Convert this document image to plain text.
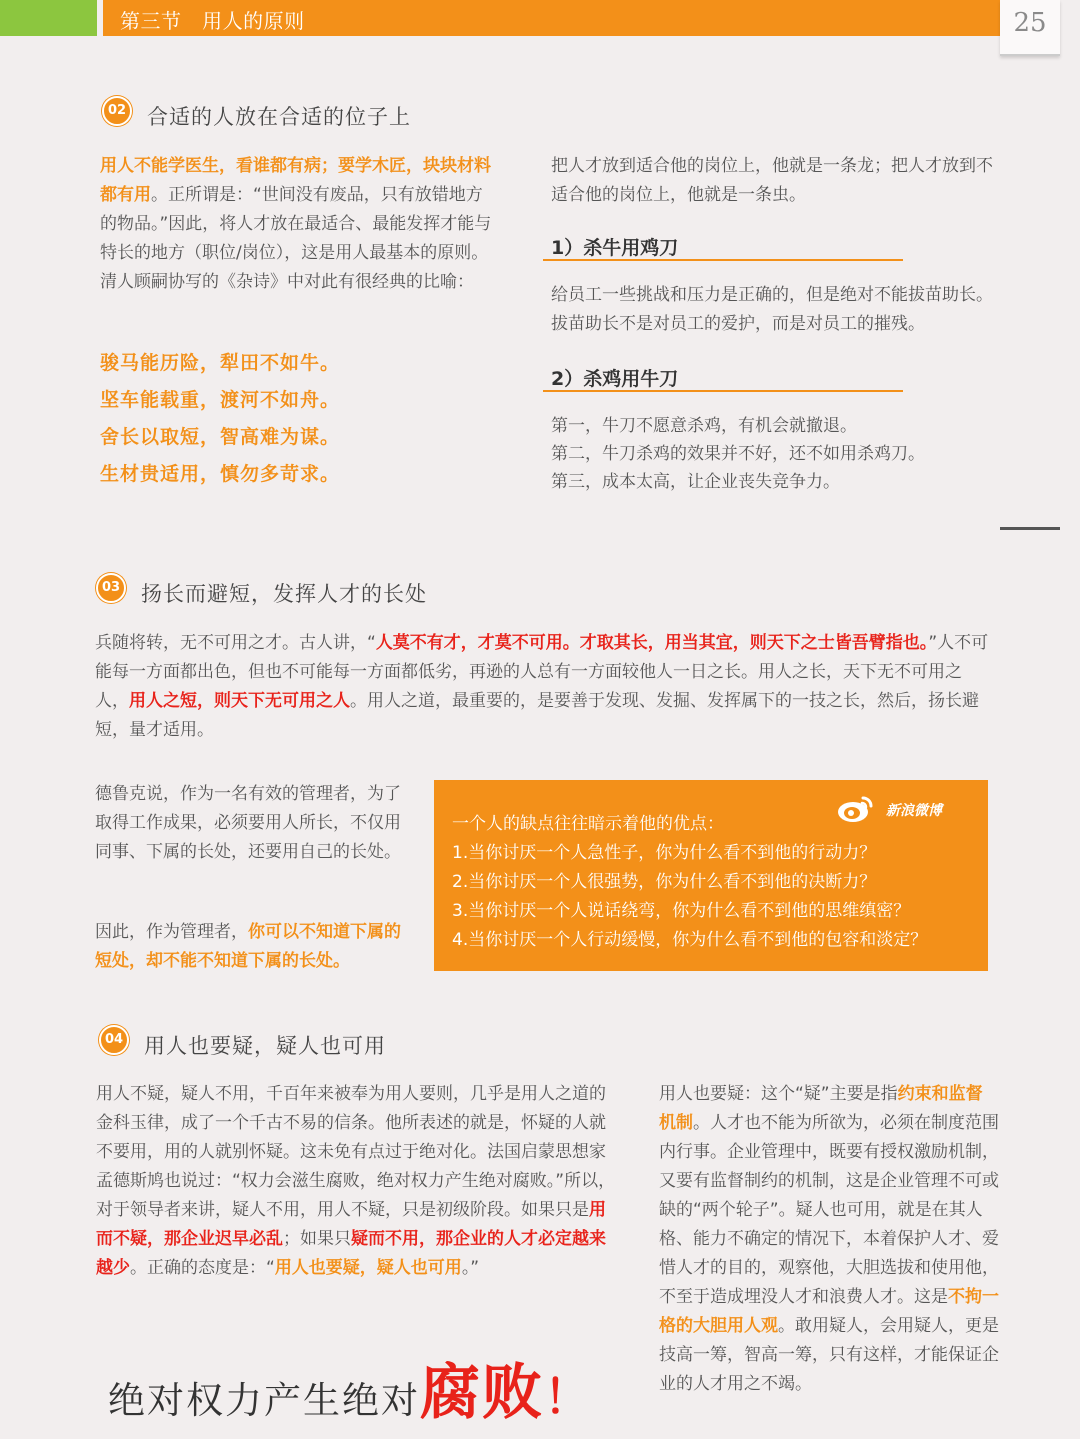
第三节 用人的原则	25
02 合适的人放在合适的位子上
用人不能学医生，看谁都有病；要学木匠，块块材料都有用。正所谓是：“世间没有废品，只有放错地方的物品。”因此，将人才放在最适合、最能发挥才能与特长的地方（职位/岗位），这是用人最基本的原则。清人顾嗣协写的《杂诗》中对此有很经典的比喻：
骏马能历险，犁田不如牛。
坚车能载重，渡河不如舟。
舍长以取短，智高难为谋。
生材贵适用，慎勿多苛求。
把人才放到适合他的岗位上，他就是一条龙；把人才放到不适合他的岗位上，他就是一条虫。
1）杀牛用鸡刀
给员工一些挑战和压力是正确的，但是绝对不能拔苗助长。拔苗助长不是对员工的爱护，而是对员工的摧残。
2）杀鸡用牛刀
第一，牛刀不愿意杀鸡，有机会就撤退。
第二，牛刀杀鸡的效果并不好，还不如用杀鸡刀。
第三，成本太高，让企业丧失竞争力。
03 扬长而避短，发挥人才的长处
兵随将转，无不可用之才。古人讲，“人莫不有才，才莫不可用。才取其长，用当其宜，则天下之士皆吾臂指也。”人不可能每一方面都出色，但也不可能每一方面都低劣，再逊的人总有一方面较他人一日之长。用人之长，天下无不可用之人，用人之短，则天下无可用之人。用人之道，最重要的，是要善于发现、发掘、发挥属下的一技之长，然后，扬长避短，量才适用。
德鲁克说，作为一名有效的管理者，为了取得工作成果，必须要用人所长，不仅用同事、下属的长处，还要用自己的长处。
因此，作为管理者，你可以不知道下属的短处，却不能不知道下属的长处。
新浪微博
一个人的缺点往往暗示着他的优点：
1.当你讨厌一个人急性子，你为什么看不到他的行动力？
2.当你讨厌一个人很强势，你为什么看不到他的决断力？
3.当你讨厌一个人说话绕弯，你为什么看不到他的思维缜密？
4.当你讨厌一个人行动缓慢，你为什么看不到他的包容和淡定？
04 用人也要疑，疑人也可用
用人不疑，疑人不用，千百年来被奉为用人要则，几乎是用人之道的金科玉律，成了一个千古不易的信条。他所表述的就是，怀疑的人就不要用，用的人就别怀疑。这未免有点过于绝对化。法国启蒙思想家孟德斯鸠也说过：“权力会滋生腐败，绝对权力产生绝对腐败。”所以，对于领导者来讲，疑人不用，用人不疑，只是初级阶段。如果只是用而不疑，那企业迟早必乱；如果只疑而不用，那企业的人才必定越来越少。正确的态度是：“用人也要疑，疑人也可用。”
用人也要疑：这个“疑”主要是指约束和监督机制。人才也不能为所欲为，必须在制度范围内行事。企业管理中，既要有授权激励机制，又要有监督制约的机制，这是企业管理不可或缺的“两个轮子”。疑人也可用，就是在其人格、能力不确定的情况下，本着保护人才、爱惜人才的目的，观察他，大胆选拔和使用他，不至于造成埋没人才和浪费人才。这是不拘一格的大胆用人观。敢用疑人，会用疑人，更是技高一筹，智高一筹，只有这样，才能保证企业的人才用之不竭。
绝对权力产生绝对腐败！
